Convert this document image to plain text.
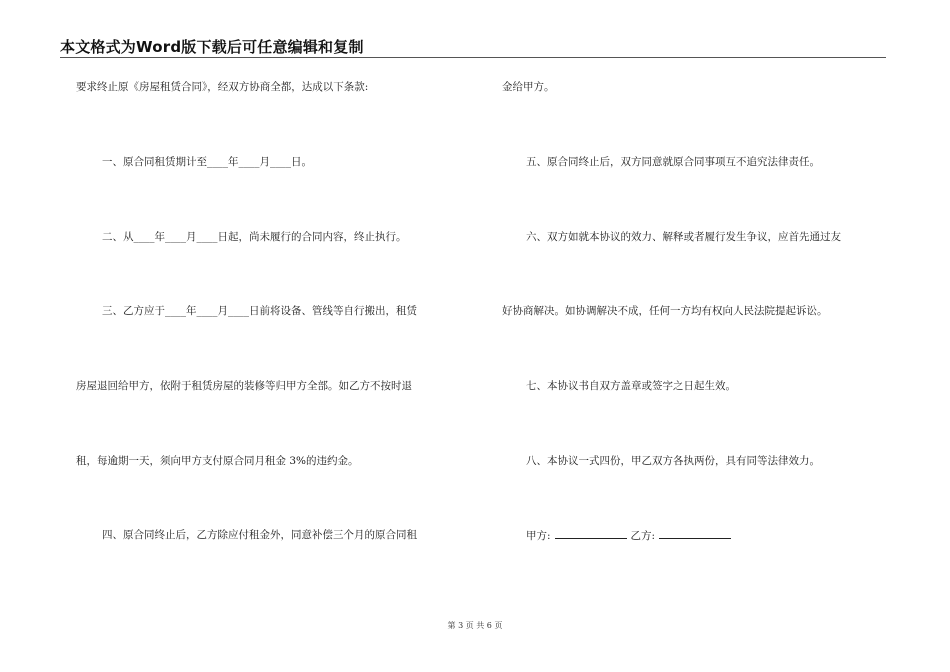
本文格式为Word版下载后可任意编辑和复制
要求终止原《房屋租赁合同》，经双方协商全都，达成以下条款:
一、原合同租赁期计至____年____月____日。
二、从____年____月____日起，尚未履行的合同内容，终止执行。
三、乙方应于____年____月____日前将设备、管线等自行搬出，租赁
房屋退回给甲方，依附于租赁房屋的装修等归甲方全部。如乙方不按时退
租，每逾期一天，须向甲方支付原合同月租金 3%的违约金。
四、原合同终止后，乙方除应付租金外，同意补偿三个月的原合同租
金给甲方。
五、原合同终止后，双方同意就原合同事项互不追究法律责任。
六、双方如就本协议的效力、解释或者履行发生争议，应首先通过友
好协商解决。如协调解决不成，任何一方均有权向人民法院提起诉讼。
七、本协议书自双方盖章或签字之日起生效。
八、本协议一式四份，甲乙双方各执两份，具有同等法律效力。
甲方:	乙方:
第 3 页 共 6 页
